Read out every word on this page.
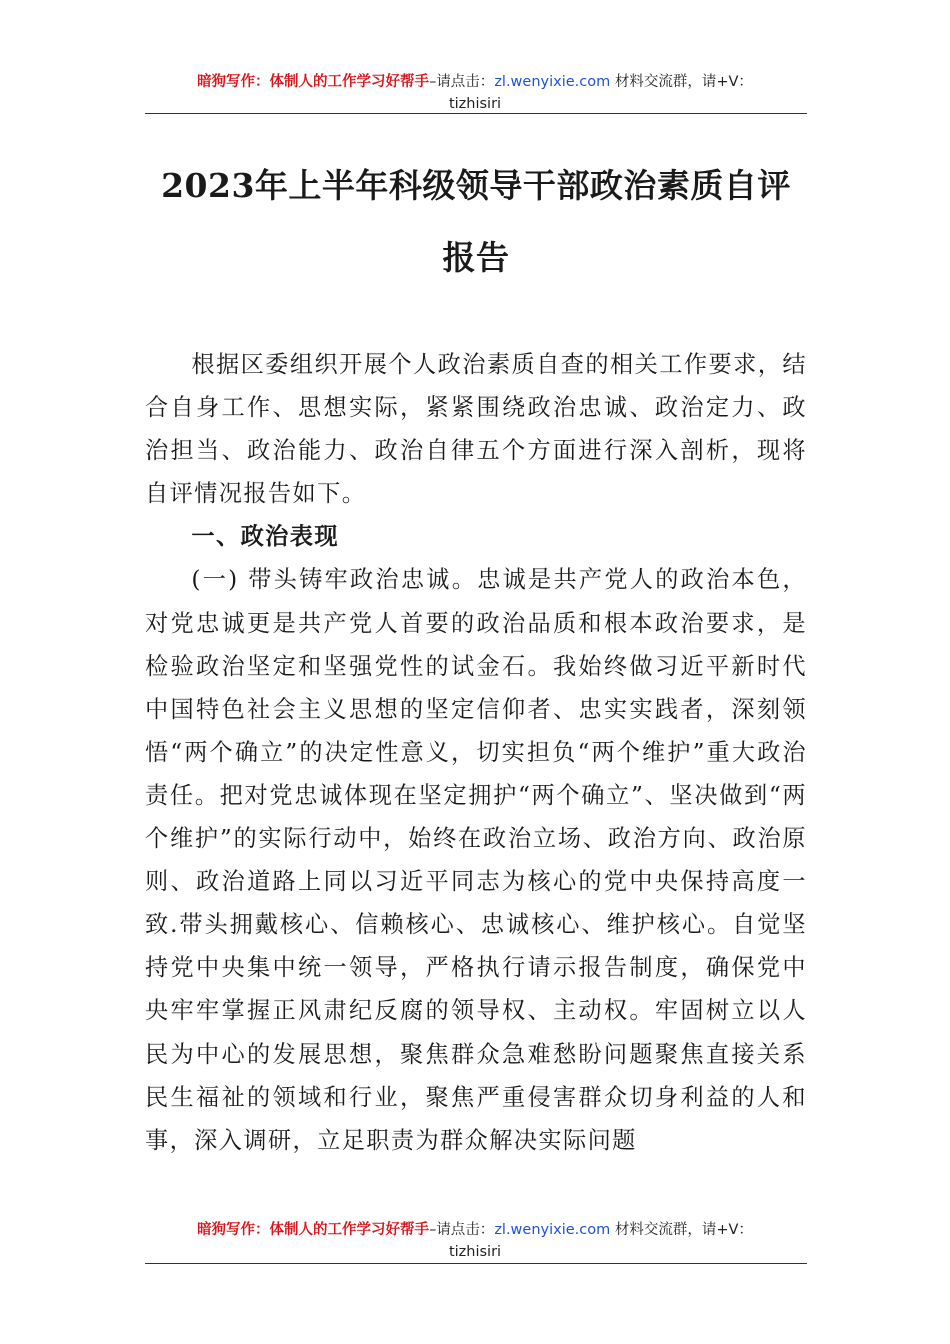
暗狗写作：体制人的工作学习好帮手–请点击：zl.wenyixie.com 材料交流群，请+V：
tizhisiri
2023年上半年科级领导干部政治素质自评报告

根据区委组织开展个人政治素质自查的相关工作要求，结合自身工作、思想实际，紧紧围绕政治忠诚、政治定力、政治担当、政治能力、政治自律五个方面进行深入剖析，现将自评情况报告如下。

一、政治表现

(一) 带头铸牢政治忠诚。忠诚是共产党人的政治本色，对党忠诚更是共产党人首要的政治品质和根本政治要求，是检验政治坚定和坚强党性的试金石。我始终做习近平新时代中国特色社会主义思想的坚定信仰者、忠实实践者，深刻领悟“两个确立”的决定性意义，切实担负“两个维护”重大政治责任。把对党忠诚体现在坚定拥护“两个确立”、坚决做到“两个维护”的实际行动中，始终在政治立场、政治方向、政治原则、政治道路上同以习近平同志为核心的党中央保持高度一致.带头拥戴核心、信赖核心、忠诚核心、维护核心。自觉坚持党中央集中统一领导，严格执行请示报告制度，确保党中央牢牢掌握正风肃纪反腐的领导权、主动权。牢固树立以人民为中心的发展思想，聚焦群众急难愁盼问题聚焦直接关系民生福祉的领域和行业，聚焦严重侵害群众切身利益的人和事，深入调研，立足职责为群众解决实际问题

暗狗写作：体制人的工作学习好帮手–请点击：zl.wenyixie.com 材料交流群，请+V：
tizhisiri
